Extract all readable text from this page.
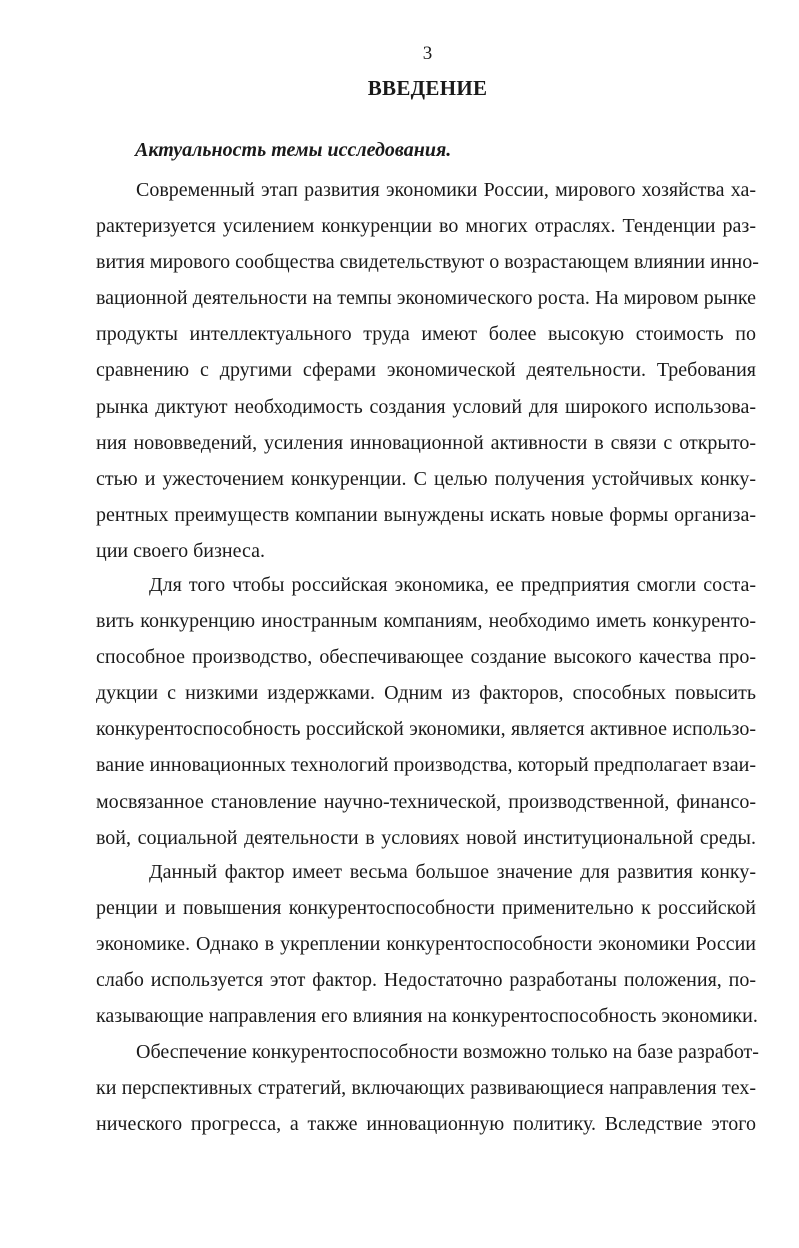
3
ВВЕДЕНИЕ
Актуальность темы исследования.
Современный этап развития экономики России, мирового хозяйства ха-
рактеризуется усилением конкуренции во многих отраслях. Тенденции раз-
вития мирового сообщества свидетельствуют о возрастающем влиянии инно-
вационной деятельности на темпы экономического роста. На мировом рынке
продукты интеллектуального труда имеют более высокую стоимость по
сравнению с другими сферами экономической деятельности. Требования
рынка диктуют необходимость создания условий для широкого использова-
ния нововведений, усиления инновационной активности в связи с открыто-
стью и ужесточением конкуренции. С целью получения устойчивых конку-
рентных преимуществ компании вынуждены искать новые формы организа-
ции своего бизнеса.
Для того чтобы российская экономика, ее предприятия смогли соста-
вить конкуренцию иностранным компаниям, необходимо иметь конкуренто-
способное производство, обеспечивающее создание высокого качества про-
дукции с низкими издержками. Одним из факторов, способных повысить
конкурентоспособность российской экономики, является активное использо-
вание инновационных технологий производства, который предполагает взаи-
мосвязанное становление научно-технической, производственной, финансо-
вой, социальной деятельности в условиях новой институциональной среды.
Данный фактор имеет весьма большое значение для развития конку-
ренции и повышения конкурентоспособности применительно к российской
экономике. Однако в укреплении конкурентоспособности экономики России
слабо используется этот фактор. Недостаточно разработаны положения, по-
казывающие направления его влияния на конкурентоспособность экономики.
Обеспечение конкурентоспособности возможно только на базе разработ-
ки перспективных стратегий, включающих развивающиеся направления тех-
нического прогресса, а также инновационную политику. Вследствие этого
